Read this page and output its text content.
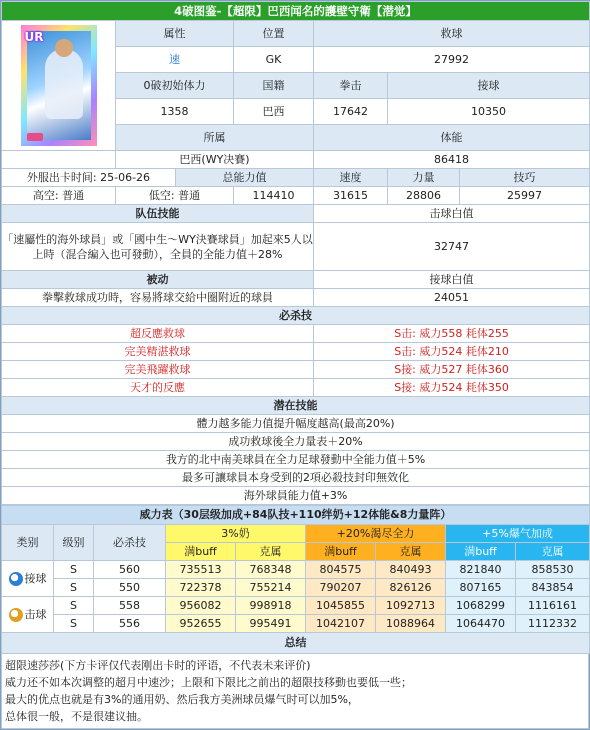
4破图鉴-【超限】巴西闻名的護壁守衛【潜觉】						

UR	属性		位置	救球		
	速		GK	27992		
	0破初始体力		国籍	拳击	接球	
	1358		巴西	17642	10350	
	所属			体能		
	巴西(WY决賽)			86418		
外服出卡时间: 25-06-26		总能力值		速度	力量	技巧
高空: 普通	低空: 普通		114410	31615	28806	25997
队伍技能				击球白值		
「速屬性的海外球員」或「國中生～WY決賽球員」加起來5人以上時（混合編入也可發動），全員的全能力值＋28%				32747		
被动				接球白值		
拳擊救球成功時，容易將球交給中圈附近的球員				24051		
必杀技						
超反應救球				S击: 威力558 耗体255		
完美精湛救球				S击: 威力524 耗体210		
完美飛躍救球				S接: 威力527 耗体360		
天才的反應				S接: 威力524 耗体350		
潜在技能						
體力越多能力值提升幅度越高(最高20%)						
成功救球後全力量表＋20%						
我方的北中南美球員在全力足球發動中全能力值＋5%						
最多可讓球員本身受到的2項必殺技封印無效化						
海外球員能力值+3%						
威力表（30层级加成+84队技+110绊奶+12体能&8力量阵）								
类别	级别	必杀技	3%奶		+20%渴尽全力		+5%爆气加成	
			满buff	克属	满buff	克属	满buff	克属
接球	S	560	735513	768348	804575	840493	821840	858530
	S	550	722378	755214	790207	826126	807165	843854
击球	S	558	956082	998918	1045855	1092713	1068299	1116161
	S	556	952655	995491	1042107	1088964	1064470	1112332
总结								
超限速莎莎(下方卡评仅代表刚出卡时的评语，不代表未来评价)
威力还不如本次调整的超月中速沙；上限和下限比之前出的超限技移動也要低一些；
最大的优点也就是有3%的通用奶、然后我方美洲球员爆气时可以加5%，
总体很一般，不是很建议抽。
